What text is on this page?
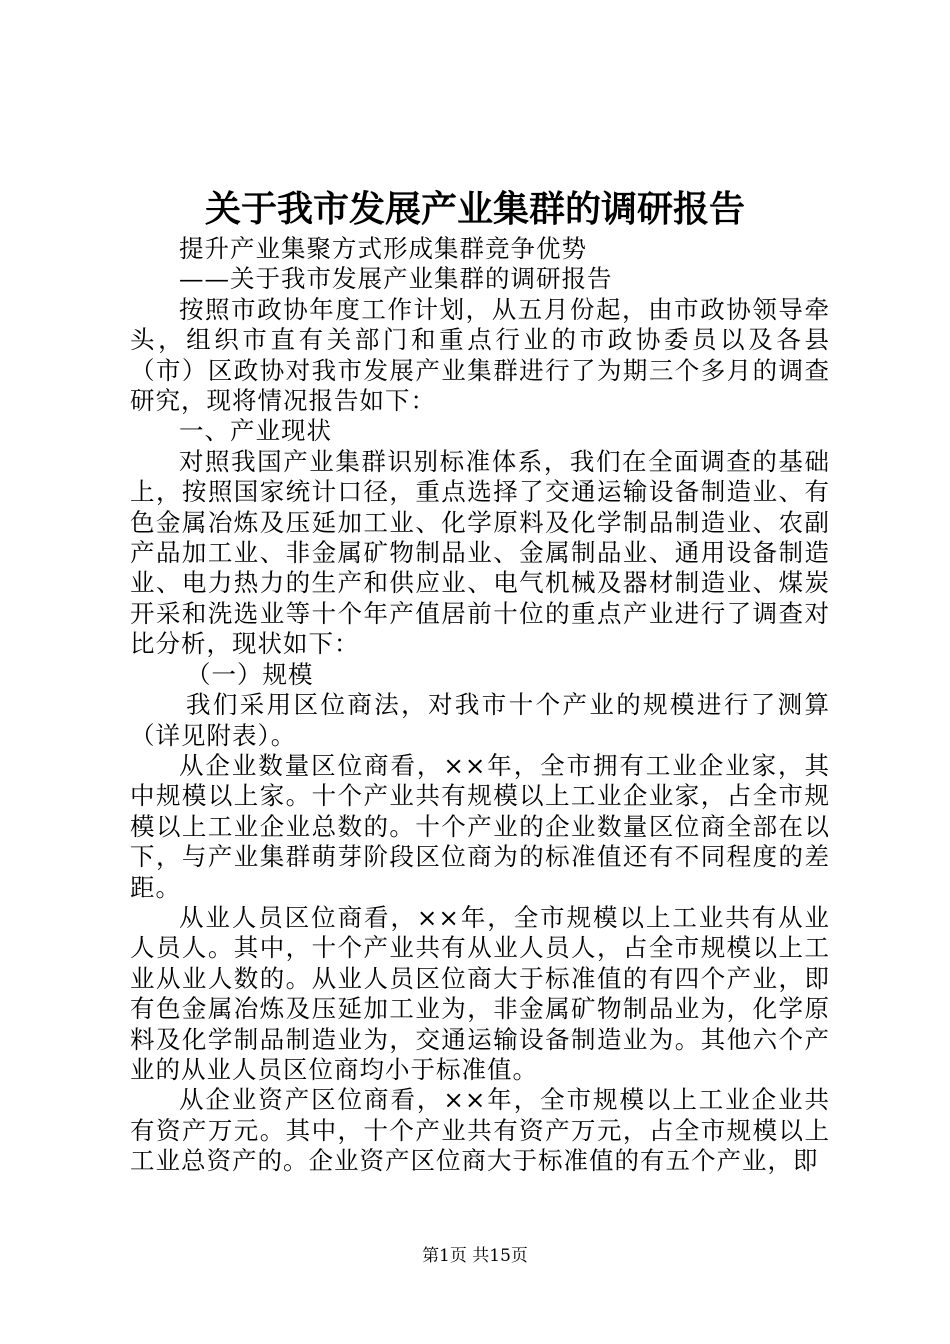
关于我市发展产业集群的调研报告

提升产业集聚方式形成集群竞争优势

——关于我市发展产业集群的调研报告

按照市政协年度工作计划，从五月份起，由市政协领导牵头，组织市直有关部门和重点行业的市政协委员以及各县（市）区政协对我市发展产业集群进行了为期三个多月的调查研究，现将情况报告如下：

一、产业现状

对照我国产业集群识别标准体系，我们在全面调查的基础上，按照国家统计口径，重点选择了交通运输设备制造业、有色金属冶炼及压延加工业、化学原料及化学制品制造业、农副产品加工业、非金属矿物制品业、金属制品业、通用设备制造业、电力热力的生产和供应业、电气机械及器材制造业、煤炭开采和洗选业等十个年产值居前十位的重点产业进行了调查对比分析，现状如下：

（一）规模

我们采用区位商法，对我市十个产业的规模进行了测算（详见附表）。

从企业数量区位商看，××年，全市拥有工业企业家，其中规模以上家。十个产业共有规模以上工业企业家，占全市规模以上工业企业总数的。十个产业的企业数量区位商全部在以下，与产业集群萌芽阶段区位商为的标准值还有不同程度的差距。

从业人员区位商看，××年，全市规模以上工业共有从业人员人。其中，十个产业共有从业人员人，占全市规模以上工业从业人数的。从业人员区位商大于标准值的有四个产业，即有色金属冶炼及压延加工业为，非金属矿物制品业为，化学原料及化学制品制造业为，交通运输设备制造业为。其他六个产业的从业人员区位商均小于标准值。

从企业资产区位商看，××年，全市规模以上工业企业共有资产万元。其中，十个产业共有资产万元，占全市规模以上工业总资产的。企业资产区位商大于标准值的有五个产业，即

第1页 共15页
